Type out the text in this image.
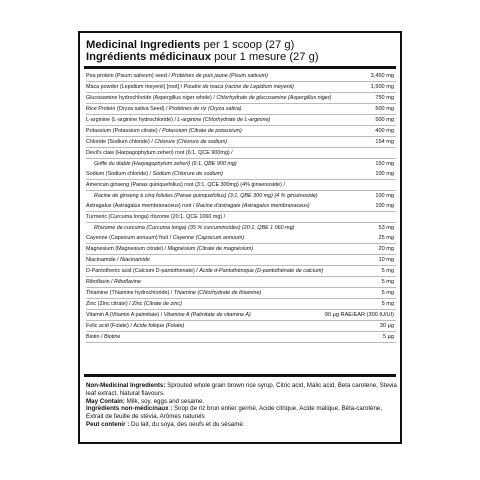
Medicinal Ingredients per 1 scoop (27 g)
Ingrédients médicinaux pour 1 mesure (27 g)
Pea protein (Pisum sativum) seed / Protéines de pois jaune (Pisum sativum)	3,450 mg
Maca powder (Lepidium meyenii) [root] / Poudre de maca (racine de Lepidium meyenii)	1,500 mg
Glucosamine hydrochloride (Aspergillus niger whole) / Chlorhydrate de glucosamine (Aspergillus niger)	750 mg
Rice Protein (Oryza sativa Seed) / Protéines de riz (Oryza sativa)	500 mg
L-arginine (L-arginine hydrochloride) / L-arginine (Chlorhydrate de L-arginine)	500 mg
Potassium (Potassium citrate) / Potassium (Citrate de potassium)	400 mg
Chloride (Sodium chloride) / Chlorure (Chlorure de sodium)	154 mg
Devil's claw (Harpagophytum zeheri) root (6:1, QCE 900mg) /
Griffe du diable (Harpagophytum zeheri) (6:1, QBE 900 mg)	150 mg
Sodium (Sodium chloride) / Sodium (Chlorure de sodium)	100 mg
American ginseng (Panax quinquefolius) root (3:1, QCE 300mg) (4% ginsenoside) /
Racine de ginseng à cinq folioles (Panax quinquefolius) (3:1, QBE 300 mg) (4 % ginsénoside)	100 mg
Astragalus (Astragalus membranaceus) root / Racine d'astragale (Astragalus membranaceus)	100 mg
Turmeric (Curcuma longa) rhizome (20:1, QCE 1060 mg) /
Rhizome de curcuma (Curcuma longa) (35 % curcuminoïdes) (20:1, QBE 1 060 mg)	53 mg
Cayenne (Capsicum annuum) fruit / Cayenne (Capsicum annuum)	25 mg
Magnesium (Magnesium citrate) / Magnésium (Citrate de magnésium)	20 mg
Niacinamide / Niacinamide	10 mg
D-Pantothenic acid (Calcium D-pantothenate) / Acide d-Pantothénique (D-pantothénate de calcium)	5 mg
Riboflavin / Riboflavine	5 mg
Thiamine (Thiamine hydrochloride) / Thiamine (Chlorhydrate de thiamine)	5 mg
Zinc (Zinc citrate) / Zinc (Citrate de zinc)	5 mg
Vitamin A (Vitamin A palmitate) / Vitamine A (Palmitate de vitamine A)	90 µg RAE/EAR (300 IU/UI)
Folic acid (Folate) / Acide folique (Folate)	30 µg
Biotin / Biotine	5 µg

Non-Medicinal Ingredients: Sprouted whole grain brown rice syrup, Citric acid, Malic acid, Beta carotene, Stevia leaf extract, Natural flavours.

May Contain: Milk, soy, eggs and sesame.

Ingrédients non-médicinaux : Sirop de riz brun entier germé, Acide citrique, Acide malique, Bêta-carotène, Extrait de feuille de stévia, Arômes naturels

Peut contenir : Du lait, du soya, des oeufs et du sésame.
